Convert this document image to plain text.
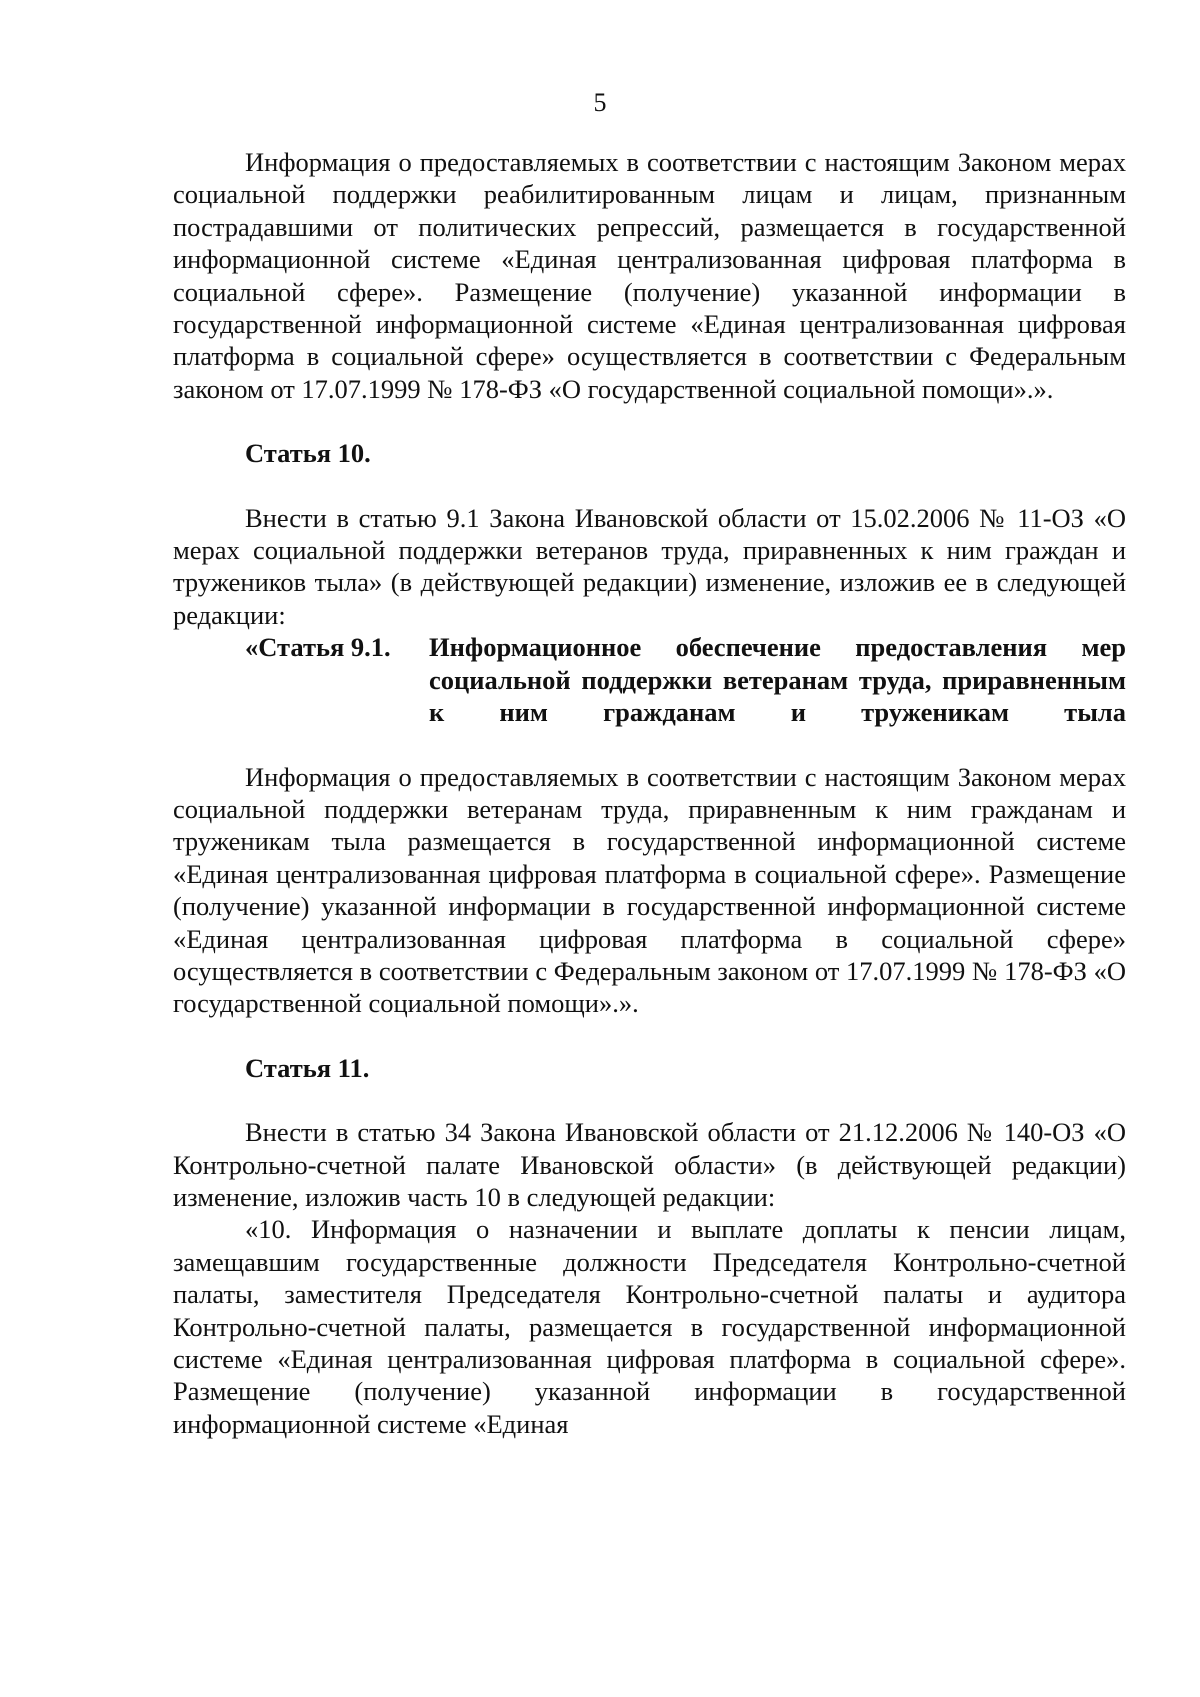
5

Информация о предоставляемых в соответствии с настоящим Законом мерах социальной поддержки реабилитированным лицам и лицам, признанным пострадавшими от политических репрессий, размещается в государственной информационной системе «Единая централизованная цифровая платформа в социальной сфере». Размещение (получение) указанной информации в государственной информационной системе «Единая централизованная цифровая платформа в социальной сфере» осуществляется в соответствии с Федеральным законом от 17.07.1999 № 178-ФЗ «О государственной социальной помощи».».

Статья 10.

Внести в статью 9.1 Закона Ивановской области от 15.02.2006 № 11-ОЗ «О мерах социальной поддержки ветеранов труда, приравненных к ним граждан и тружеников тыла» (в действующей редакции) изменение, изложив ее в следующей редакции:

«Статья 9.1.	Информационное обеспечение предоставления мер социальной поддержки ветеранам труда, приравненным к ним гражданам и труженикам тыла

Информация о предоставляемых в соответствии с настоящим Законом мерах социальной поддержки ветеранам труда, приравненным к ним гражданам и труженикам тыла размещается в государственной информационной системе «Единая централизованная цифровая платформа в социальной сфере». Размещение (получение) указанной информации в государственной информационной системе «Единая централизованная цифровая платформа в социальной сфере» осуществляется в соответствии с Федеральным законом от 17.07.1999 № 178-ФЗ «О государственной социальной помощи».».

Статья 11.

Внести в статью 34 Закона Ивановской области от 21.12.2006 № 140-ОЗ «О Контрольно-счетной палате Ивановской области» (в действующей редакции) изменение, изложив часть 10 в следующей редакции:

«10. Информация о назначении и выплате доплаты к пенсии лицам, замещавшим государственные должности Председателя Контрольно-счетной палаты, заместителя Председателя Контрольно-счетной палаты и аудитора Контрольно-счетной палаты, размещается в государственной информационной системе «Единая централизованная цифровая платформа в социальной сфере». Размещение (получение) указанной информации в государственной информационной системе «Единая
